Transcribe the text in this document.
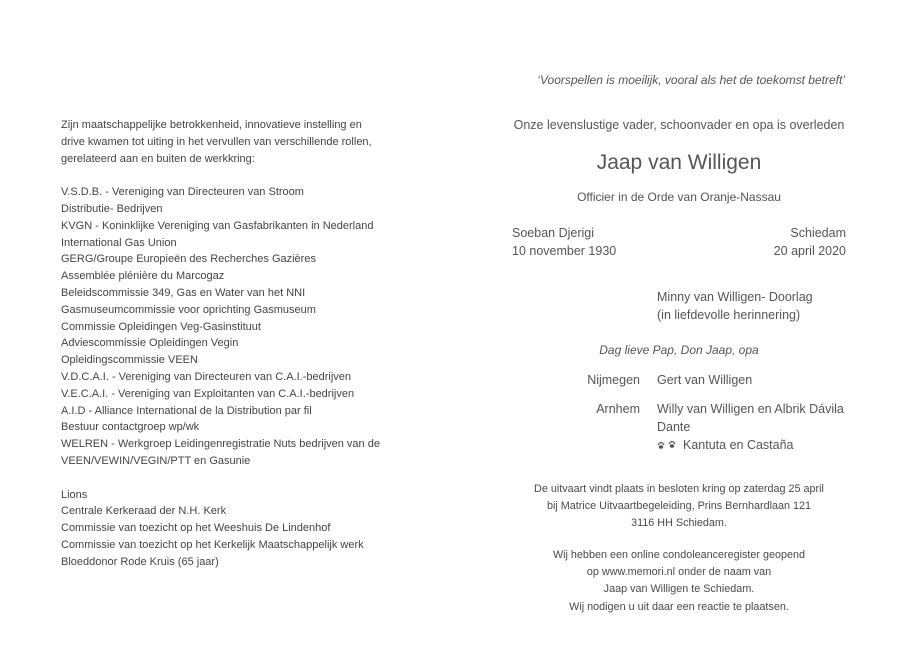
Zijn maatschappelijke betrokkenheid, innovatieve instelling en
drive kwamen tot uiting in het vervullen van verschillende rollen,
gerelateerd aan en buiten de werkkring:
V.S.D.B. - Vereniging van Directeuren van Stroom
Distributie- Bedrijven
KVGN - Koninklijke Vereniging van Gasfabrikanten in Nederland
International Gas Union
GERG/Groupe Europieën des Recherches Gazières
Assemblée plénière du Marcogaz
Beleidscommissie 349, Gas en Water van het NNI
Gasmuseumcommissie voor oprichting Gasmuseum
Commissie Opleidingen Veg-Gasinstituut
Adviescommissie Opleidingen Vegin
Opleidingscommissie VEEN
V.D.C.A.I. - Vereniging van Directeuren van C.A.I.-bedrijven
V.E.C.A.I. - Vereniging van Exploitanten van C.A.I.-bedrijven
A.I.D - Alliance International de la Distribution par fil
Bestuur contactgroep wp/wk
WELREN - Werkgroep Leidingenregistratie Nuts bedrijven van de
VEEN/VEWIN/VEGIN/PTT en Gasunie
Lions
Centrale Kerkeraad der N.H. Kerk
Commissie van toezicht op het Weeshuis De Lindenhof
Commissie van toezicht op het Kerkelijk Maatschappelijk werk
Bloeddonor Rode Kruis (65 jaar)
‘Voorspellen is moeilijk, vooral als het de toekomst betreft’
Onze levenslustige vader, schoonvader en opa is overleden
Jaap van Willigen
Officier in de Orde van Oranje-Nassau
Soeban Djerigi
10 november 1930
Schiedam
20 april 2020
Minny van Willigen- Doorlag
(in liefdevolle herinnering)
Dag lieve Pap, Don Jaap, opa
Nijmegen Gert van Willigen
Arnhem Willy van Willigen en Albrik Dávila
Dante
Kantuta en Castaña
De uitvaart vindt plaats in besloten kring op zaterdag 25 april
bij Matrice Uitvaartbegeleiding, Prins Bernhardlaan 121
3116 HH Schiedam.
Wij hebben een online condoleanceregister geopend
op www.memori.nl onder de naam van
Jaap van Willigen te Schiedam.
Wij nodigen u uit daar een reactie te plaatsen.
